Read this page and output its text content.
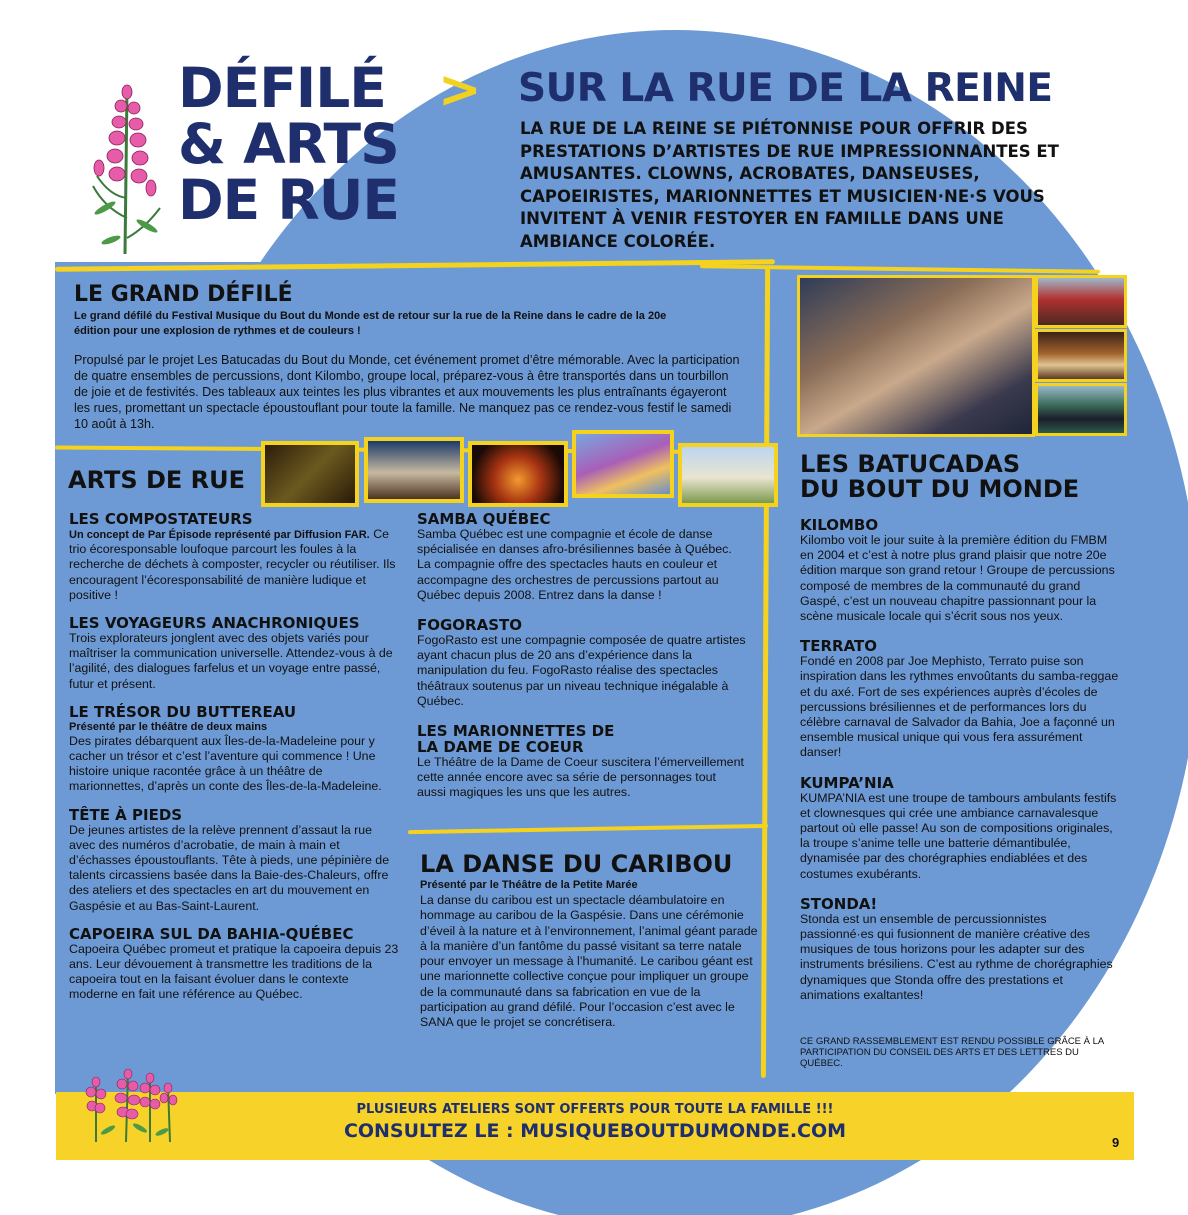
DÉFILÉ
& ARTS
DE RUE
> SUR LA RUE DE LA REINE
LA RUE DE LA REINE SE PIÉTONNISE POUR OFFRIR DES PRESTATIONS D’ARTISTES DE RUE IMPRESSIONNANTES ET AMUSANTES. CLOWNS, ACROBATES, DANSEUSES, CAPOEIRISTES, MARIONNETTES ET MUSICIEN·NE·S VOUS INVITENT À VENIR FESTOYER EN FAMILLE DANS UNE AMBIANCE COLORÉE.
LE GRAND DÉFILÉ
Le grand défilé du Festival Musique du Bout du Monde est de retour sur la rue de la Reine dans le cadre de la 20e édition pour une explosion de rythmes et de couleurs !
Propulsé par le projet Les Batucadas du Bout du Monde, cet événement promet d’être mémorable. Avec la participation de quatre ensembles de percussions, dont Kilombo, groupe local, préparez-vous à être transportés dans un tourbillon de joie et de festivités. Des tableaux aux teintes les plus vibrantes et aux mouvements les plus entraînants égayeront les rues, promettant un spectacle époustouflant pour toute la famille. Ne manquez pas ce rendez-vous festif le samedi 10 août à 13h.
ARTS DE RUE
LES COMPOSTATEURS

Un concept de Par Épisode représenté par Diffusion FAR. Ce trio écoresponsable loufoque parcourt les foules à la recherche de déchets à composter, recycler ou réutiliser. Ils encouragent l’écoresponsabilité de manière ludique et positive !

LES VOYAGEURS ANACHRONIQUES

Trois explorateurs jonglent avec des objets variés pour maîtriser la communication universelle. Attendez-vous à de l’agilité, des dialogues farfelus et un voyage entre passé, futur et présent.

LE TRÉSOR DU BUTTEREAU
Présenté par le théâtre de deux mains

Des pirates débarquent aux Îles-de-la-Madeleine pour y cacher un trésor et c’est l’aventure qui commence ! Une histoire unique racontée grâce à un théâtre de marionnettes, d’après un conte des Îles-de-la-Madeleine.

TÊTE À PIEDS

De jeunes artistes de la relève prennent d’assaut la rue avec des numéros d’acrobatie, de main à main et d’échasses époustouflants. Tête à pieds, une pépinière de talents circassiens basée dans la Baie-des-Chaleurs, offre des ateliers et des spectacles en art du mouvement en Gaspésie et au Bas-Saint-Laurent.

CAPOEIRA SUL DA BAHIA-QUÉBEC

Capoeira Québec promeut et pratique la capoeira depuis 23 ans. Leur dévouement à transmettre les traditions de la capoeira tout en la faisant évoluer dans le contexte moderne en fait une référence au Québec.

SAMBA QUÉBEC

Samba Québec est une compagnie et école de danse spécialisée en danses afro-brésiliennes basée à Québec. La compagnie offre des spectacles hauts en couleur et accompagne des orchestres de percussions partout au Québec depuis 2008. Entrez dans la danse !

FOGORASTO

FogoRasto est une compagnie composée de quatre artistes ayant chacun plus de 20 ans d’expérience dans la manipulation du feu. FogoRasto réalise des spectacles théâtraux soutenus par un niveau technique inégalable à Québec.

LES MARIONNETTES DE
LA DAME DE COEUR

Le Théâtre de la Dame de Coeur suscitera l’émerveillement cette année encore avec sa série de personnages tout aussi magiques les uns que les autres.

LA DANSE DU CARIBOU
Présenté par le Théâtre de la Petite Marée
La danse du caribou est un spectacle déambulatoire en hommage au caribou de la Gaspésie. Dans une cérémonie d’éveil à la nature et à l’environnement, l’animal géant parade à la manière d’un fantôme du passé visitant sa terre natale pour envoyer un message à l’humanité. Le caribou géant est une marionnette collective conçue pour impliquer un groupe de la communauté dans sa fabrication en vue de la participation au grand défilé. Pour l’occasion c’est avec le SANA que le projet se concrétisera.
LES BATUCADAS
DU BOUT DU MONDE
KILOMBO

Kilombo voit le jour suite à la première édition du FMBM en 2004 et c’est à notre plus grand plaisir que notre 20e édition marque son grand retour ! Groupe de percussions composé de membres de la communauté du grand Gaspé, c’est un nouveau chapitre passionnant pour la scène musicale locale qui s’écrit sous nos yeux.

TERRATO

Fondé en 2008 par Joe Mephisto, Terrato puise son inspiration dans les rythmes envoûtants du samba-reggae et du axé. Fort de ses expériences auprès d’écoles de percussions brésiliennes et de performances lors du célèbre carnaval de Salvador da Bahia, Joe a façonné un ensemble musical unique qui vous fera assurément danser!

KUMPA’NIA

KUMPA’NIA est une troupe de tambours ambulants festifs et clownesques qui crée une ambiance carnavalesque partout où elle passe! Au son de compositions originales, la troupe s’anime telle une batterie démantibulée, dynamisée par des chorégraphies endiablées et des costumes exubérants.

STONDA!

Stonda est un ensemble de percussionnistes passionné·es qui fusionnent de manière créative des musiques de tous horizons pour les adapter sur des instruments brésiliens. C’est au rythme de chorégraphies dynamiques que Stonda offre des prestations et animations exaltantes!

CE GRAND RASSEMBLEMENT EST RENDU POSSIBLE GRÂCE À LA PARTICIPATION DU CONSEIL DES ARTS ET DES LETTRES DU QUÉBEC.
PLUSIEURS ATELIERS SONT OFFERTS POUR TOUTE LA FAMILLE !!!
CONSULTEZ LE : MUSIQUEBOUTDUMONDE.COM
9
